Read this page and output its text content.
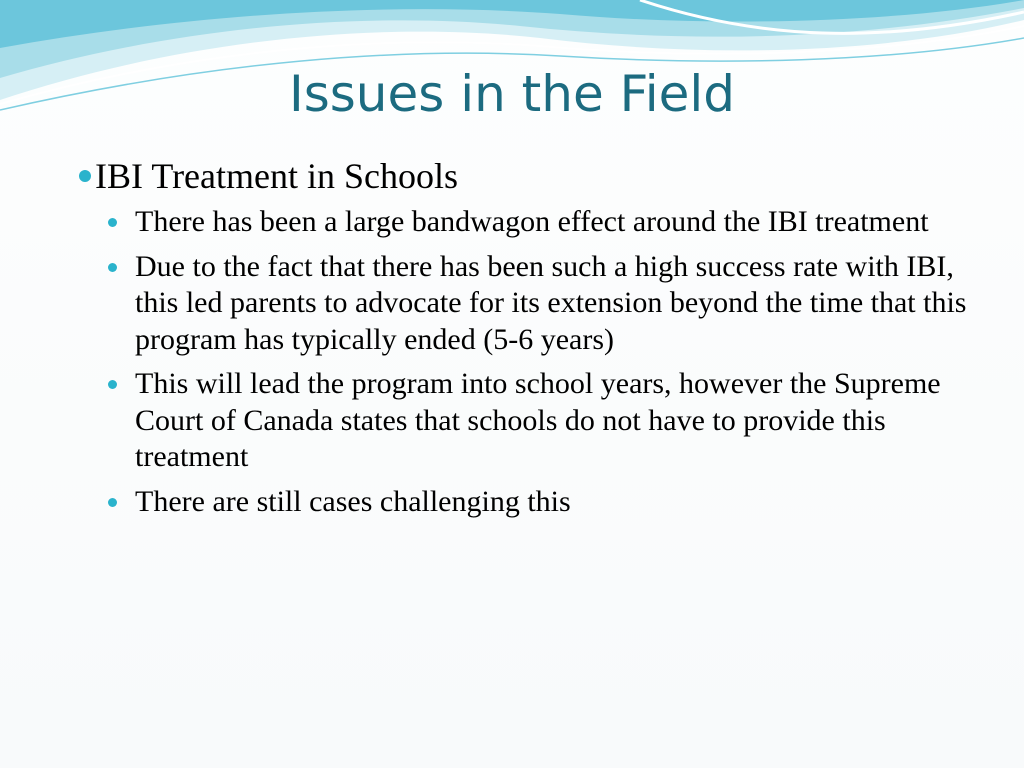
Issues in the Field
IBI Treatment in Schools
There has been a large bandwagon effect around the IBI treatment
Due to the fact that there has been such a high success rate with IBI, this led parents to advocate for its extension beyond the time that this program has typically ended (5-6 years)
This will lead the program into school years, however the Supreme Court of Canada states that schools do not have to provide this treatment
There are still cases challenging this
